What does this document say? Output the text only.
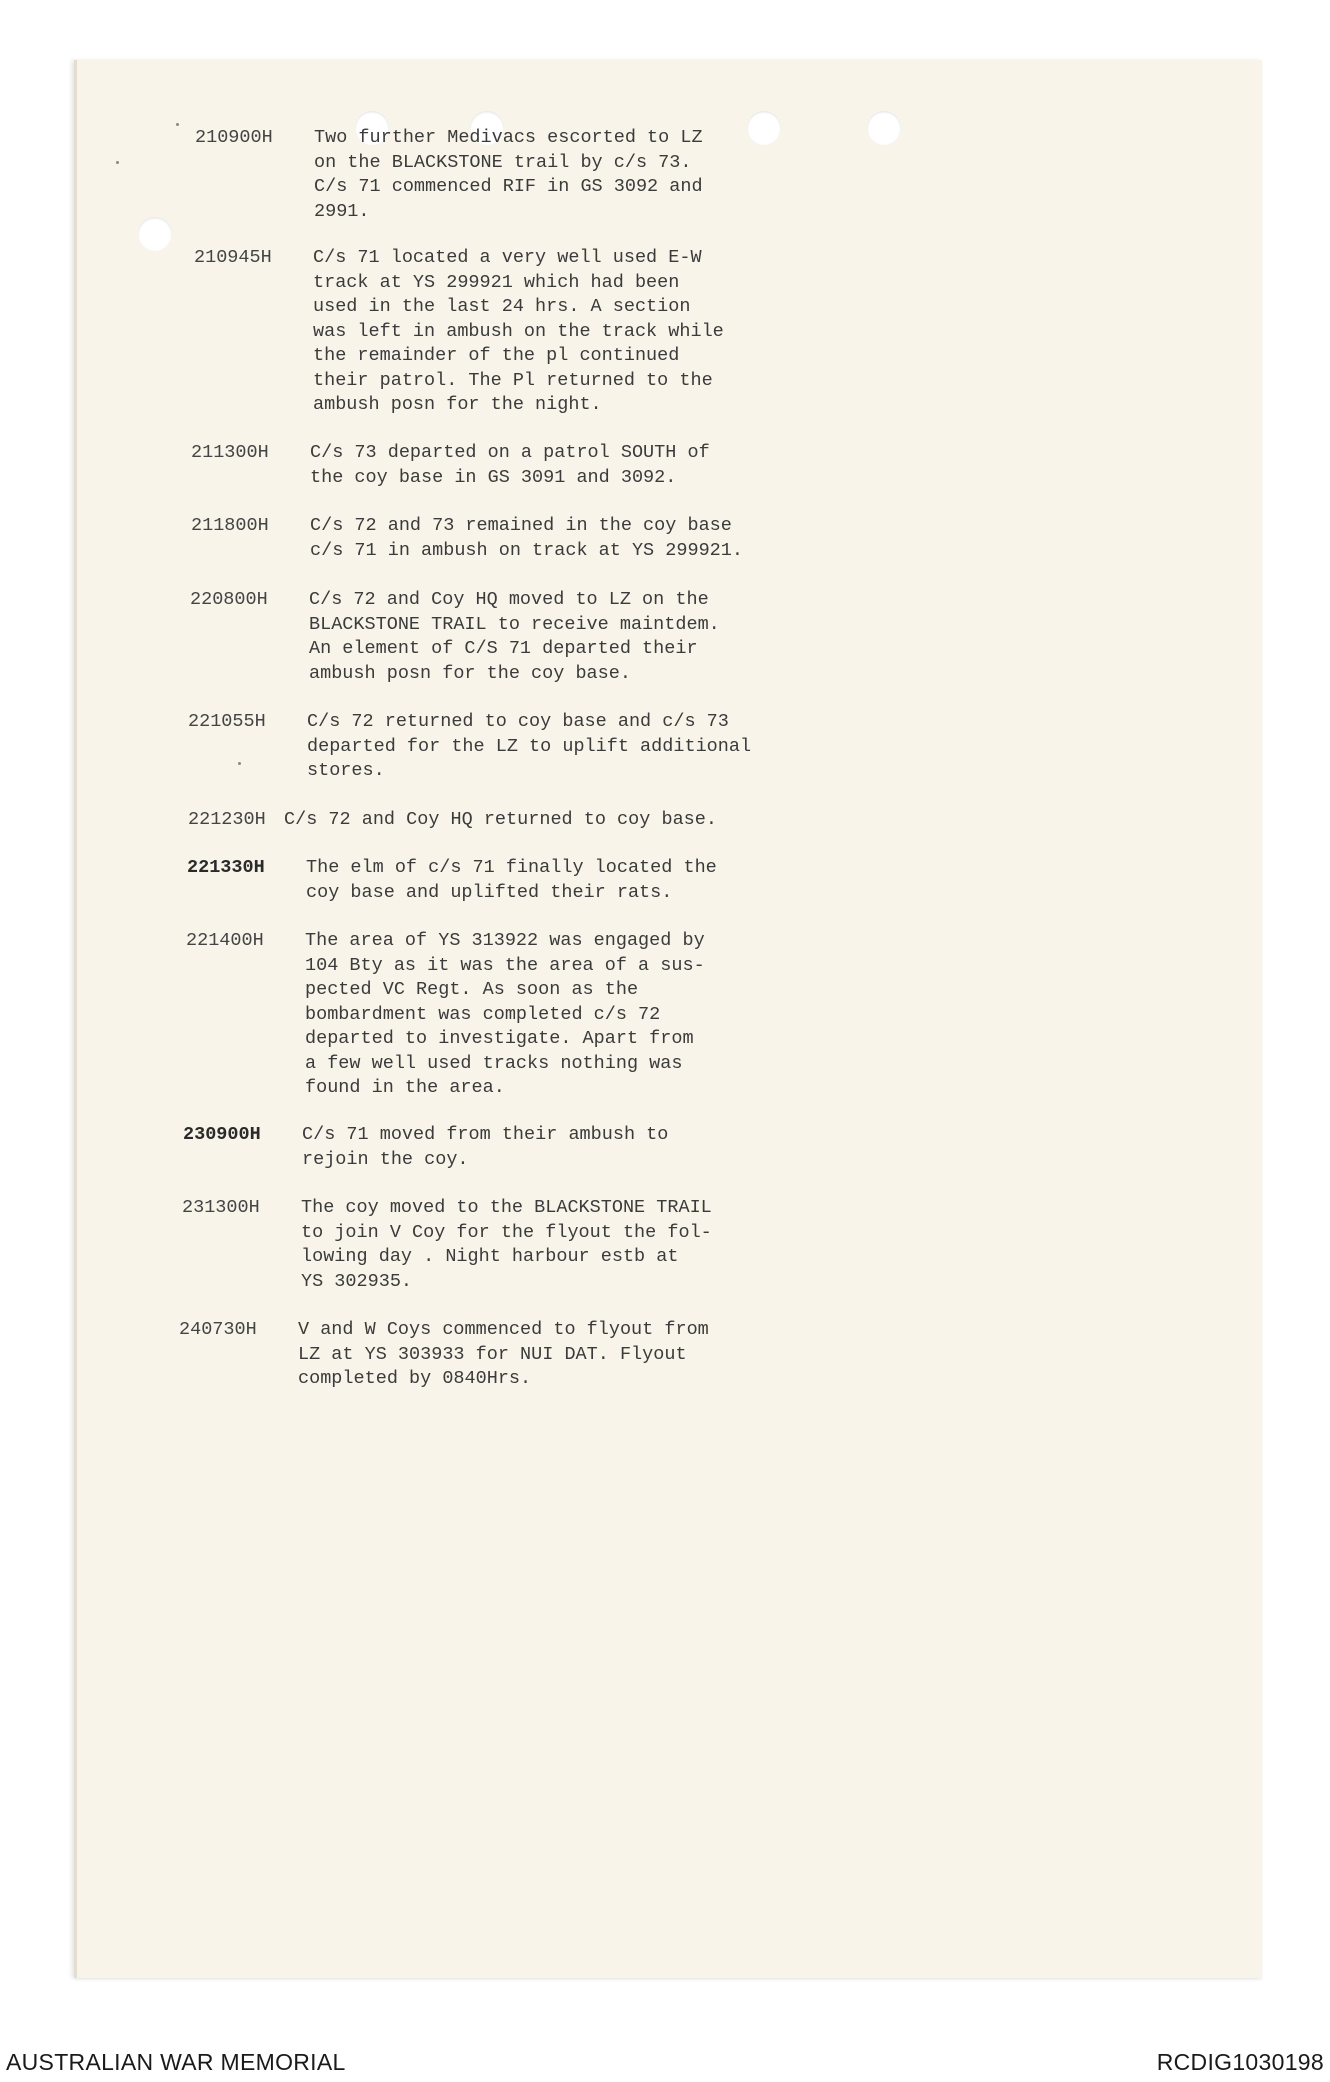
210900H Two further Medivacs escorted to LZ
on the BLACKSTONE trail by c/s 73.
C/s 71 commenced RIF in GS 3092 and
2991.
210945H C/s 71 located a very well used E-W
track at YS 299921 which had been
used in the last 24 hrs. A section
was left in ambush on the track while
the remainder of the pl continued
their patrol. The Pl returned to the
ambush posn for the night.
211300H C/s 73 departed on a patrol SOUTH of
the coy base in GS 3091 and 3092.
211800H C/s 72 and 73 remained in the coy base
c/s 71 in ambush on track at YS 299921.
220800H C/s 72 and Coy HQ moved to LZ on the
BLACKSTONE TRAIL to receive maintdem.
An element of C/S 71 departed their
ambush posn for the coy base.
221055H C/s 72 returned to coy base and c/s 73
departed for the LZ to uplift additional
stores.
221230H C/s 72 and Coy HQ returned to coy base.
221330H The elm of c/s 71 finally located the
coy base and uplifted their rats.
221400H The area of YS 313922 was engaged by
104 Bty as it was the area of a sus-
pected VC Regt. As soon as the
bombardment was completed c/s 72
departed to investigate. Apart from
a few well used tracks nothing was
found in the area.
230900H C/s 71 moved from their ambush to
rejoin the coy.
231300H The coy moved to the BLACKSTONE TRAIL
to join V Coy for the flyout the fol-
lowing day . Night harbour estb at
YS 302935.
240730H V and W Coys commenced to flyout from
LZ at YS 303933 for NUI DAT. Flyout
completed by 0840Hrs.
AUSTRALIAN WAR MEMORIAL	RCDIG1030198
